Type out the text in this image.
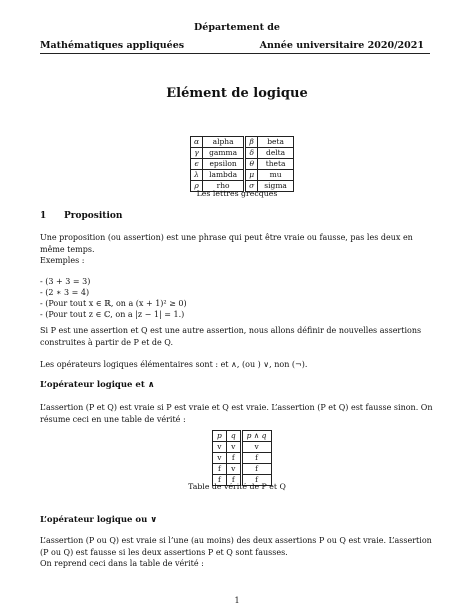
Département de
Mathématiques appliquées	Année universitaire 2020/2021
Elément de logique
α	alpha	β	beta
γ	gamma	δ	delta
ϵ	epsilon	θ	theta
λ	lambda	μ	mu
ρ	rho	σ	sigma
Les lettres grecques
1 Proposition
Une proposition (ou assertion) est une phrase qui peut être vraie ou fausse, pas les deux en même temps.
Exemples :
- (3 + 3 = 3)
- (2 ∗ 3 = 4)
- (Pour tout x ∈ ℝ, on a (x + 1)² ≥ 0)
- (Pour tout z ∈ ℂ, on a |z − 1| = 1.)
Si P est une assertion et Q est une autre assertion, nous allons définir de nouvelles assertions construites à partir de P et de Q.
Les opérateurs logiques élémentaires sont : et ∧, (ou ) ∨, non (¬).
L’opérateur logique et ∧
L’assertion (P et Q) est vraie si P est vraie et Q est vraie. L’assertion (P et Q) est fausse sinon. On résume ceci en une table de vérité :
p	q	p ∧ q
v	v	v
v	f	f
f	v	f
f	f	f
Table de vérité de P et Q
L’opérateur logique ou ∨
L’assertion (P ou Q) est vraie si l’une (au moins) des deux assertions P ou Q est vraie. L’assertion (P ou Q) est fausse si les deux assertions P et Q sont fausses.
On reprend ceci dans la table de vérité :
1
